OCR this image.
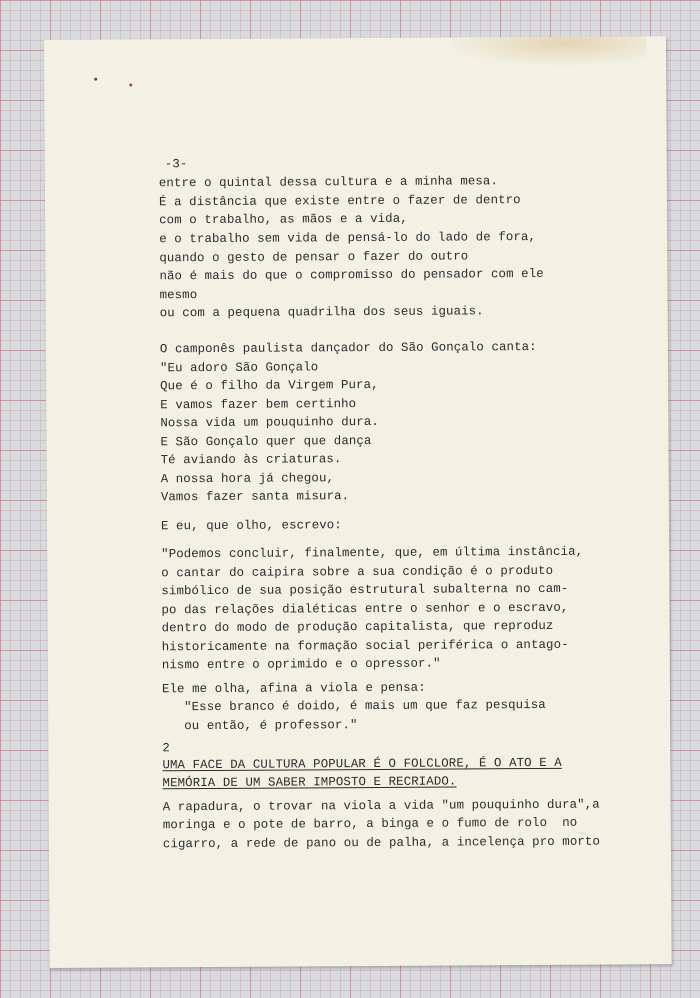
-3-
entre o quintal dessa cultura e a minha mesa.
É a distância que existe entre o fazer de dentro
com o trabalho, as mãos e a vida,
e o trabalho sem vida de pensá-lo do lado de fora,
quando o gesto de pensar o fazer do outro
não é mais do que o compromisso do pensador com ele
mesmo
ou com a pequena quadrilha dos seus iguais.
O camponês paulista dançador do São Gonçalo canta:
"Eu adoro São Gonçalo
Que é o filho da Virgem Pura,
E vamos fazer bem certinho
Nossa vida um pouquinho dura.
E São Gonçalo quer que dança
Té aviando às criaturas.
A nossa hora já chegou,
Vamos fazer santa misura.
E eu, que olho, escrevo:
"Podemos concluir, finalmente, que, em última instância,
o cantar do caipira sobre a sua condição é o produto
simbólico de sua posição estrutural subalterna no cam-
po das relações dialéticas entre o senhor e o escravo,
dentro do modo de produção capitalista, que reproduz
historicamente na formação social periférica o antago-
nismo entre o oprimido e o opressor."
Ele me olha, afina a viola e pensa:
"Esse branco é doido, é mais um que faz pesquisa
ou então, é professor."
2
UMA FACE DA CULTURA POPULAR É O FOLCLORE, É O ATO E A
MEMÓRIA DE UM SABER IMPOSTO E RECRIADO.
A rapadura, o trovar na viola a vida "um pouquinho dura",a
moringa e o pote de barro, a binga e o fumo de rolo  no
cigarro, a rede de pano ou de palha, a incelença pro morto
